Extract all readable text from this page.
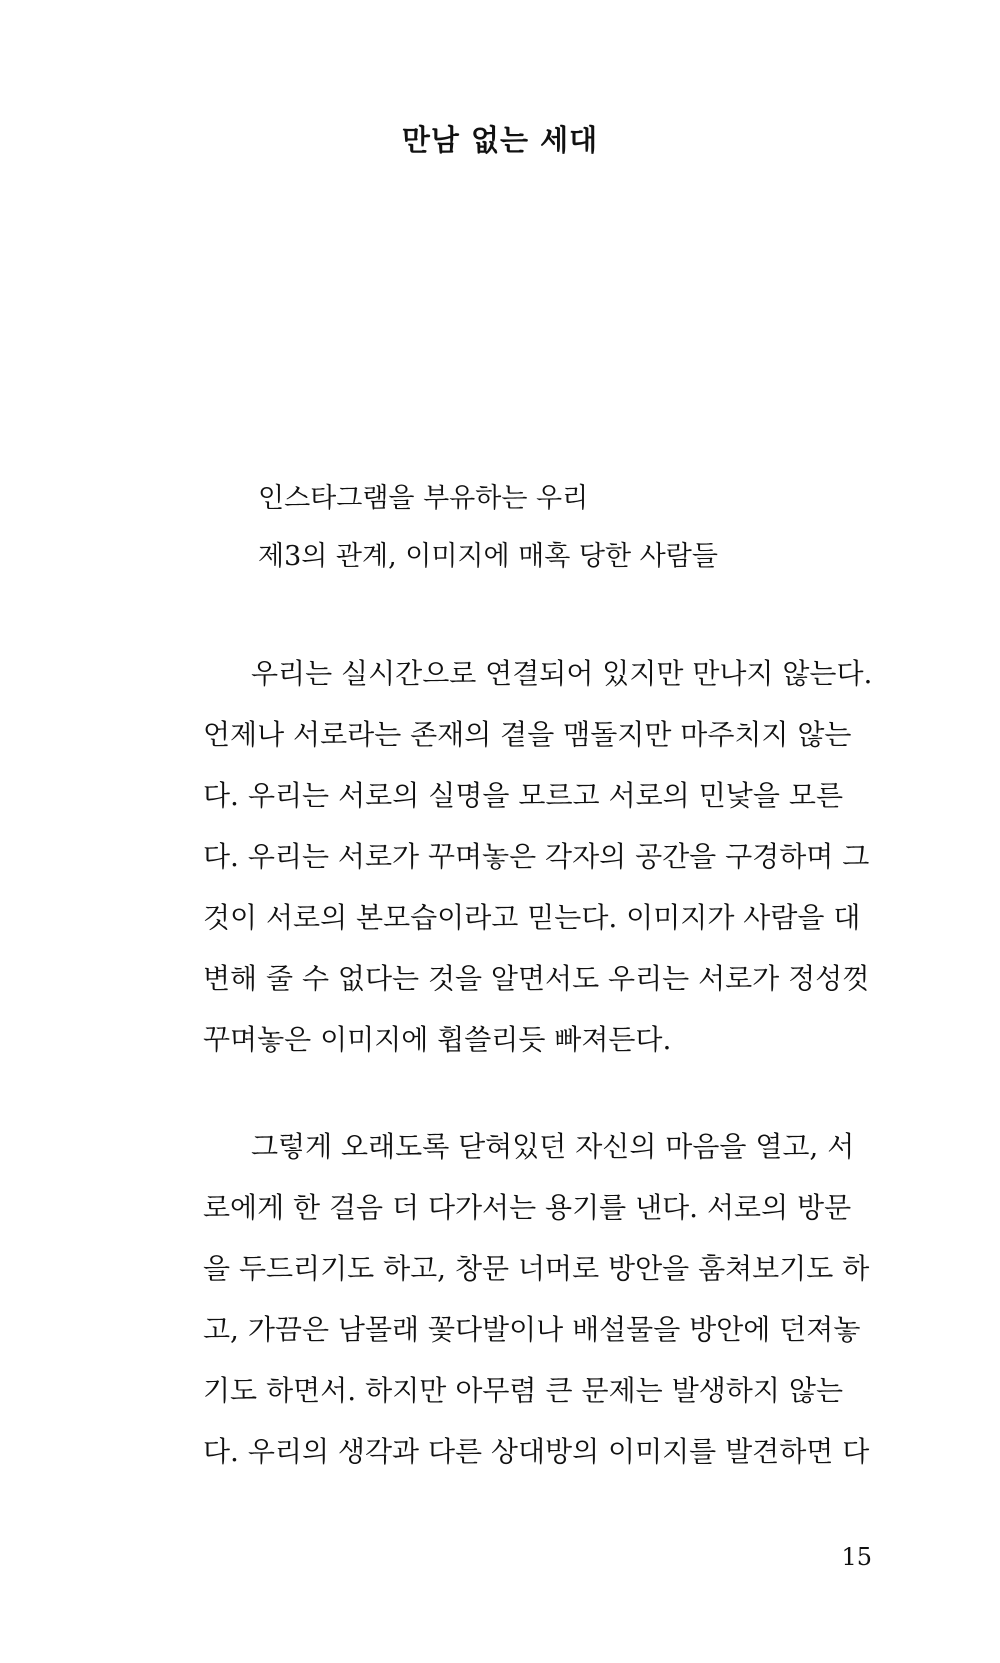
만남 없는 세대
인스타그램을 부유하는 우리
제3의 관계, 이미지에 매혹 당한 사람들
우리는 실시간으로 연결되어 있지만 만나지 않는다.
언제나 서로라는 존재의 곁을 맴돌지만 마주치지 않는
다. 우리는 서로의 실명을 모르고 서로의 민낯을 모른
다. 우리는 서로가 꾸며놓은 각자의 공간을 구경하며 그
것이 서로의 본모습이라고 믿는다. 이미지가 사람을 대
변해 줄 수 없다는 것을 알면서도 우리는 서로가 정성껏
꾸며놓은 이미지에 휩쓸리듯 빠져든다.
그렇게 오래도록 닫혀있던 자신의 마음을 열고, 서
로에게 한 걸음 더 다가서는 용기를 낸다. 서로의 방문
을 두드리기도 하고, 창문 너머로 방안을 훔쳐보기도 하
고, 가끔은 남몰래 꽃다발이나 배설물을 방안에 던져놓
기도 하면서. 하지만 아무렴 큰 문제는 발생하지 않는
다. 우리의 생각과 다른 상대방의 이미지를 발견하면 다
15
